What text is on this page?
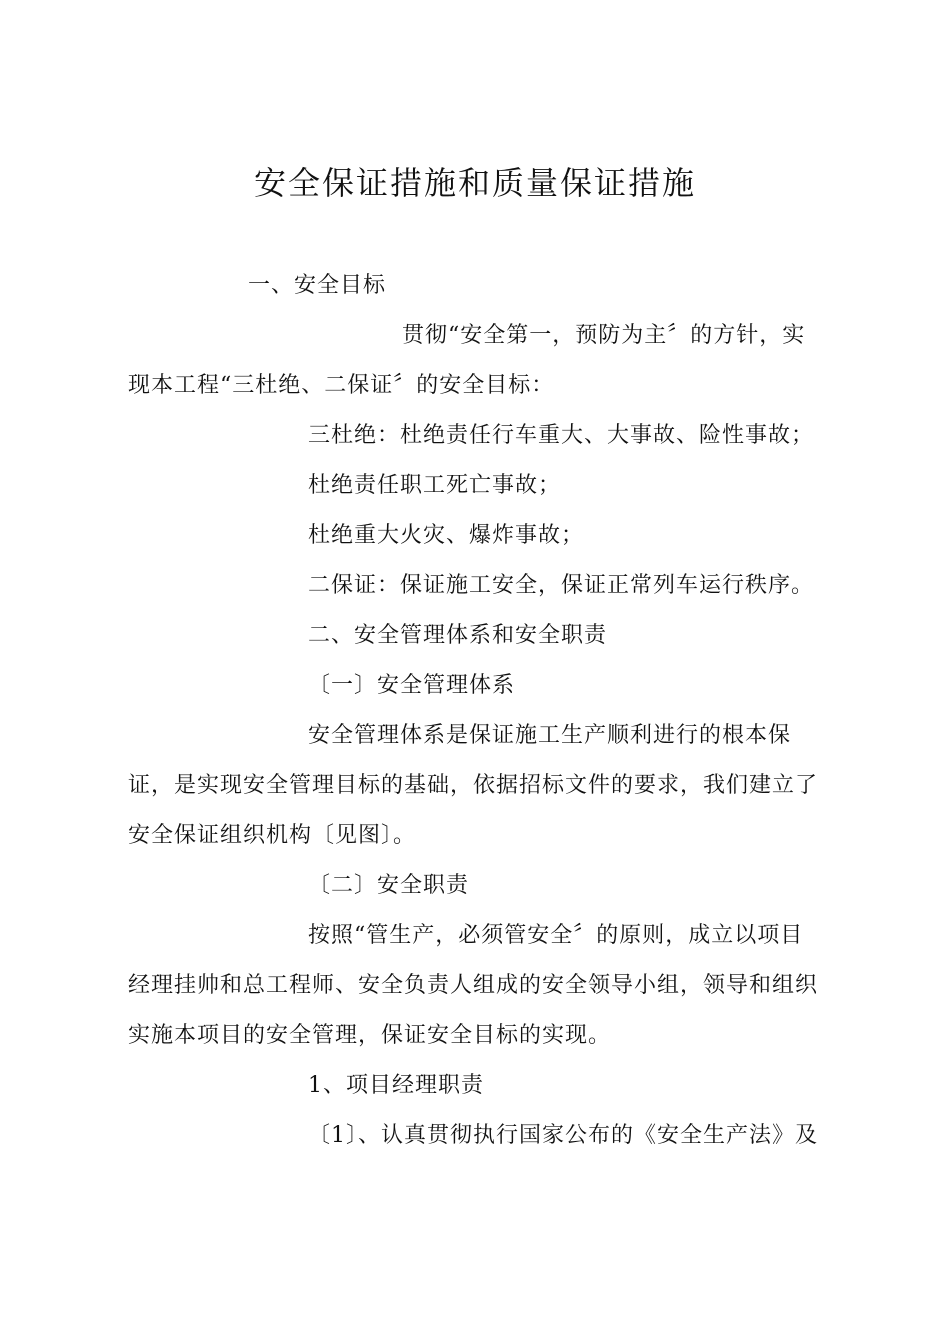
安全保证措施和质量保证措施
一、安全目标
贯彻“安全第一，预防为主〞的方针，实
现本工程“三杜绝、二保证〞的安全目标：
三杜绝：杜绝责任行车重大、大事故、险性事故；
杜绝责任职工死亡事故；
杜绝重大火灾、爆炸事故；
二保证：保证施工安全，保证正常列车运行秩序。
二、安全管理体系和安全职责
〔一〕安全管理体系
安全管理体系是保证施工生产顺利进行的根本保
证，是实现安全管理目标的基础，依据招标文件的要求，我们建立了
安全保证组织机构〔见图〕。
〔二〕安全职责
按照“管生产，必须管安全〞的原则，成立以项目
经理挂帅和总工程师、安全负责人组成的安全领导小组，领导和组织
实施本项目的安全管理，保证安全目标的实现。
1、项目经理职责
〔1〕、认真贯彻执行国家公布的《安全生产法》及
